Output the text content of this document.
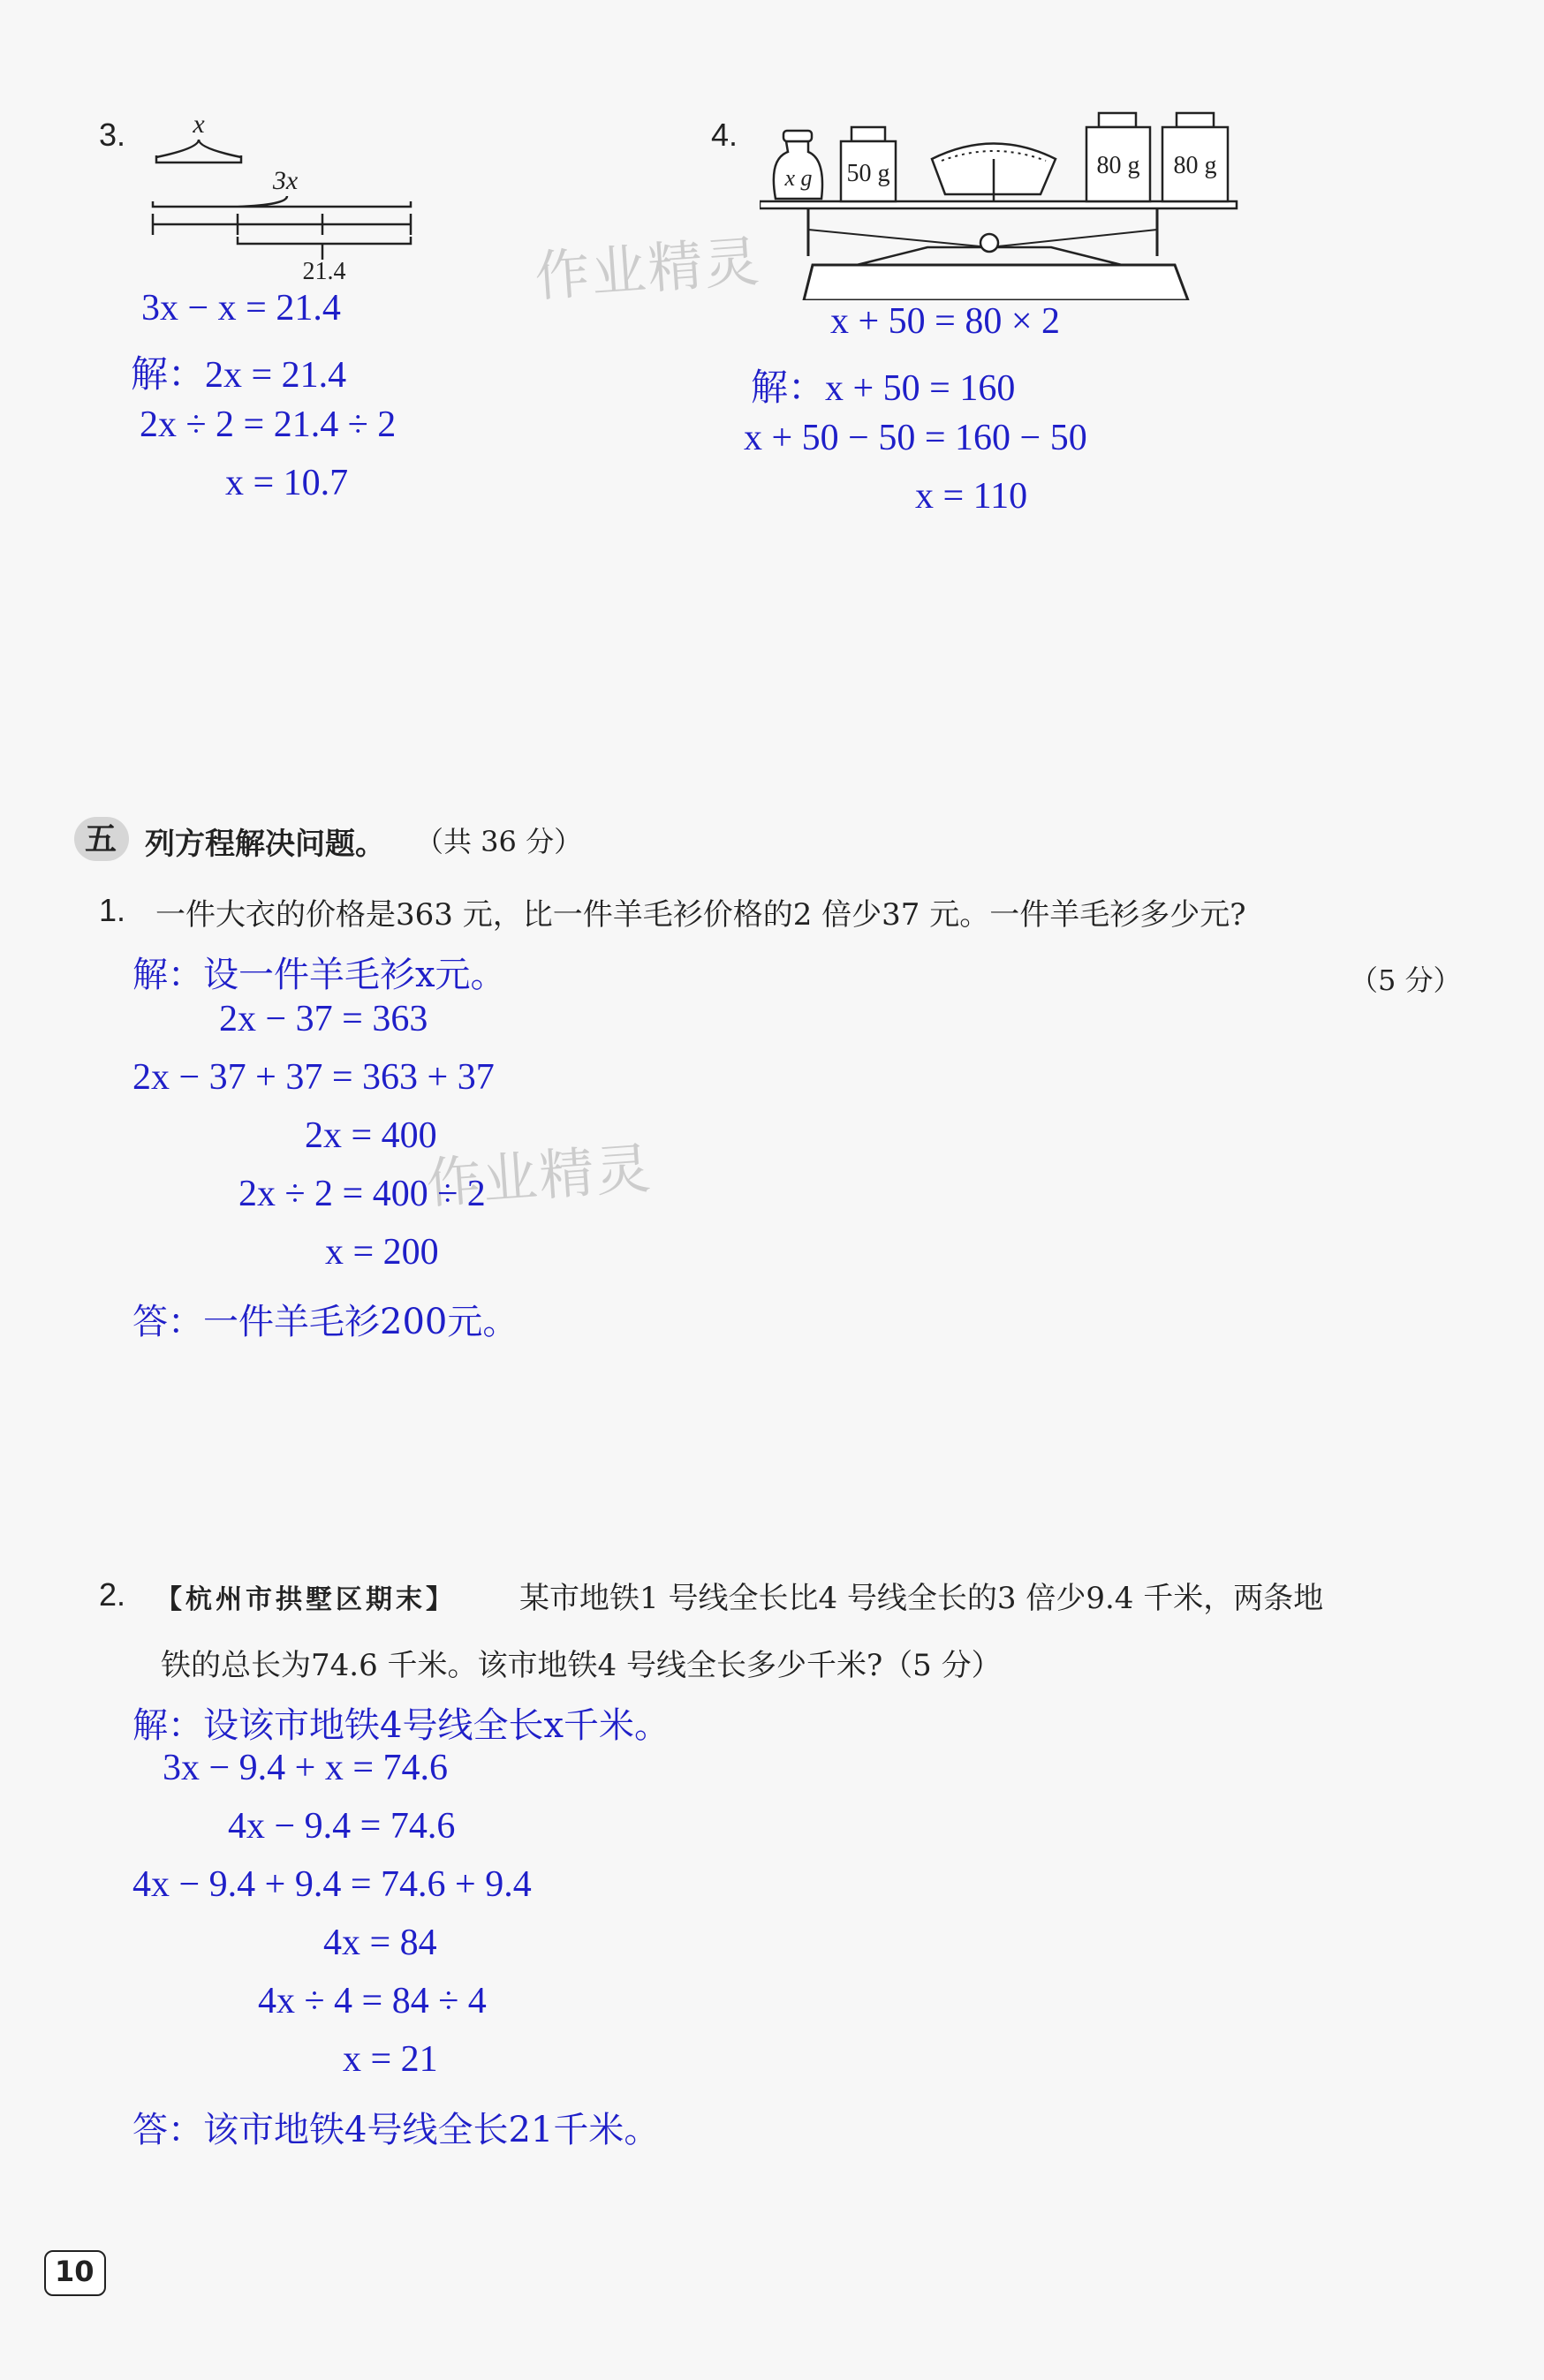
作业精灵
作业精灵
3.	x
3x
21.4
3x − x = 21.4
解：2x = 21.4
2x ÷ 2 = 21.4 ÷ 2
x = 10.7
4.
x g 50 g	80 g 80 g
x + 50 = 80 × 2
解：x + 50 = 160
x + 50 − 50 = 160 − 50
x = 110
五 列方程解决问题。 （共 36 分）
1. 一件大衣的价格是363 元，比一件羊毛衫价格的2 倍少37 元。一件羊毛衫多少元?
（5 分）
解：设一件羊毛衫x元。
2x − 37 = 363
2x − 37 + 37 = 363 + 37
2x = 400
2x ÷ 2 = 400 ÷ 2
x = 200
答：一件羊毛衫200元。
2. 【杭州市拱墅区期末】 某市地铁1 号线全长比4 号线全长的3 倍少9.4 千米，两条地
铁的总长为74.6 千米。该市地铁4 号线全长多少千米?（5 分）
解：设该市地铁4号线全长x千米。
3x − 9.4 + x = 74.6
4x − 9.4 = 74.6
4x − 9.4 + 9.4 = 74.6 + 9.4
4x = 84
4x ÷ 4 = 84 ÷ 4
x = 21
答：该市地铁4号线全长21千米。
10
